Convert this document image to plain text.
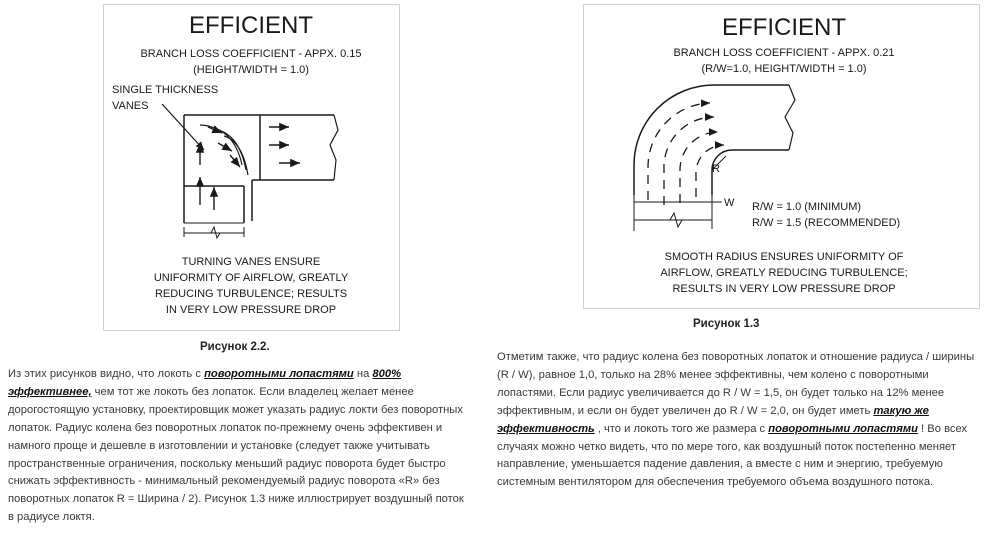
EFFICIENT
BRANCH LOSS COEFFICIENT - APPX. 0.15
(HEIGHT/WIDTH = 1.0)
SINGLE THICKNESS
VANES
TURNING VANES ENSURE
UNIFORMITY OF AIRFLOW, GREATLY
REDUCING TURBULENCE; RESULTS
IN VERY LOW PRESSURE DROP
Рисунок 2.2.
EFFICIENT
BRANCH LOSS COEFFICIENT - APPX. 0.21
(R/W=1.0, HEIGHT/WIDTH = 1.0)
R
W R/W = 1.0 (MINIMUM)
R/W = 1.5 (RECOMMENDED)
SMOOTH RADIUS ENSURES UNIFORMITY OF
AIRFLOW, GREATLY REDUCING TURBULENCE;
RESULTS IN VERY LOW PRESSURE DROP
Рисунок 1.3
Из этих рисунков видно, что локоть с поворотными лопастями на 800% эффективнее, чем тот же локоть без лопаток. Если владелец желает менее дорогостоящую установку, проектировщик может указать радиус локти без поворотных лопаток. Радиус колена без поворотных лопаток по-прежнему очень эффективен и намного проще и дешевле в изготовлении и установке (следует также учитывать пространственные ограничения, поскольку меньший радиус поворота будет быстро снижать эффективность - минимальный рекомендуемый радиус поворота «R» без поворотных лопаток R = Ширина / 2). Рисунок 1.3 ниже иллюстрирует воздушный поток в радиусе локтя.
Отметим также, что радиус колена без поворотных лопаток и отношение радиуса / ширины (R / W), равное 1,0, только на 28% менее эффективны, чем колено с поворотными лопастями. Если радиус увеличивается до R / W = 1,5, он будет только на 12% менее эффективным, и если он будет увеличен до R / W = 2,0, он будет иметь такую же эффективность , что и локоть того же размера с поворотными лопастями ! Во всех случаях можно четко видеть, что по мере того, как воздушный поток постепенно меняет направление, уменьшается падение давления, а вместе с ним и энергию, требуемую системным вентилятором для обеспечения требуемого объема воздушного потока.
